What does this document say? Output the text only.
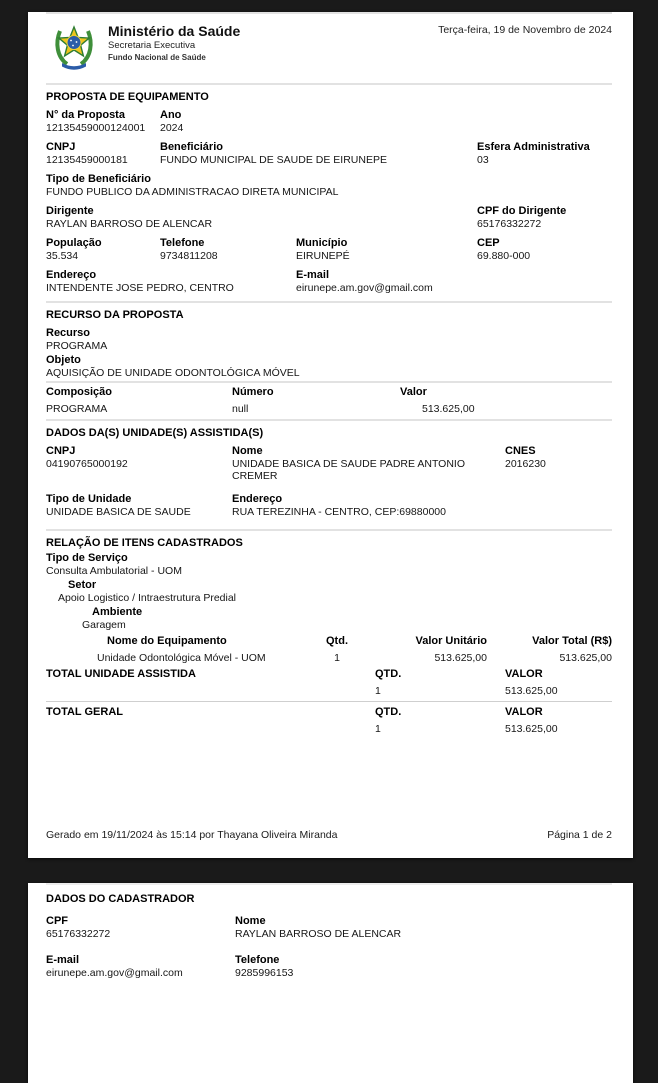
Ministério da Saúde
Secretaria Executiva
Fundo Nacional de Saúde
Terça-feira, 19 de Novembro de 2024
PROPOSTA DE EQUIPAMENTO
N° da Proposta
12135459000124001
Ano
2024
CNPJ
12135459000181
Beneficiário
FUNDO MUNICIPAL DE SAUDE DE EIRUNEPE
Esfera Administrativa
03
Tipo de Beneficiário
FUNDO PUBLICO DA ADMINISTRACAO DIRETA MUNICIPAL
Dirigente
RAYLAN BARROSO DE ALENCAR
CPF do Dirigente
65176332272
População
35.534
Telefone
9734811208
Município
EIRUNEPÉ
CEP
69.880-000
Endereço
INTENDENTE JOSE PEDRO, CENTRO
E-mail
eirunepe.am.gov@gmail.com
RECURSO DA PROPOSTA
Recurso
PROGRAMA
Objeto
AQUISIÇÃO DE UNIDADE ODONTOLÓGICA MÓVEL
Composição	Número	Valor
PROGRAMA	null	513.625,00
DADOS DA(S) UNIDADE(S) ASSISTIDA(S)
CNPJ
04190765000192
Nome
UNIDADE BASICA DE SAUDE PADRE ANTONIO CREMER
CNES
2016230
Tipo de Unidade
UNIDADE BASICA DE SAUDE
Endereço
RUA TEREZINHA - CENTRO, CEP:69880000
RELAÇÃO DE ITENS CADASTRADOS
Tipo de Serviço
Consulta Ambulatorial - UOM
Setor
Apoio Logistico / Intraestrutura Predial
Ambiente
Garagem
Nome do Equipamento	Qtd.	Valor Unitário	Valor Total (R$)
Unidade Odontológica Móvel - UOM	1	513.625,00	513.625,00
TOTAL UNIDADE ASSISTIDA	QTD.	VALOR
1	513.625,00
TOTAL GERAL	QTD.	VALOR
1	513.625,00
Gerado em 19/11/2024 às 15:14 por Thayana Oliveira Miranda	Página 1 de 2
DADOS DO CADASTRADOR
CPF
65176332272
Nome
RAYLAN BARROSO DE ALENCAR
E-mail
eirunepe.am.gov@gmail.com
Telefone
9285996153
